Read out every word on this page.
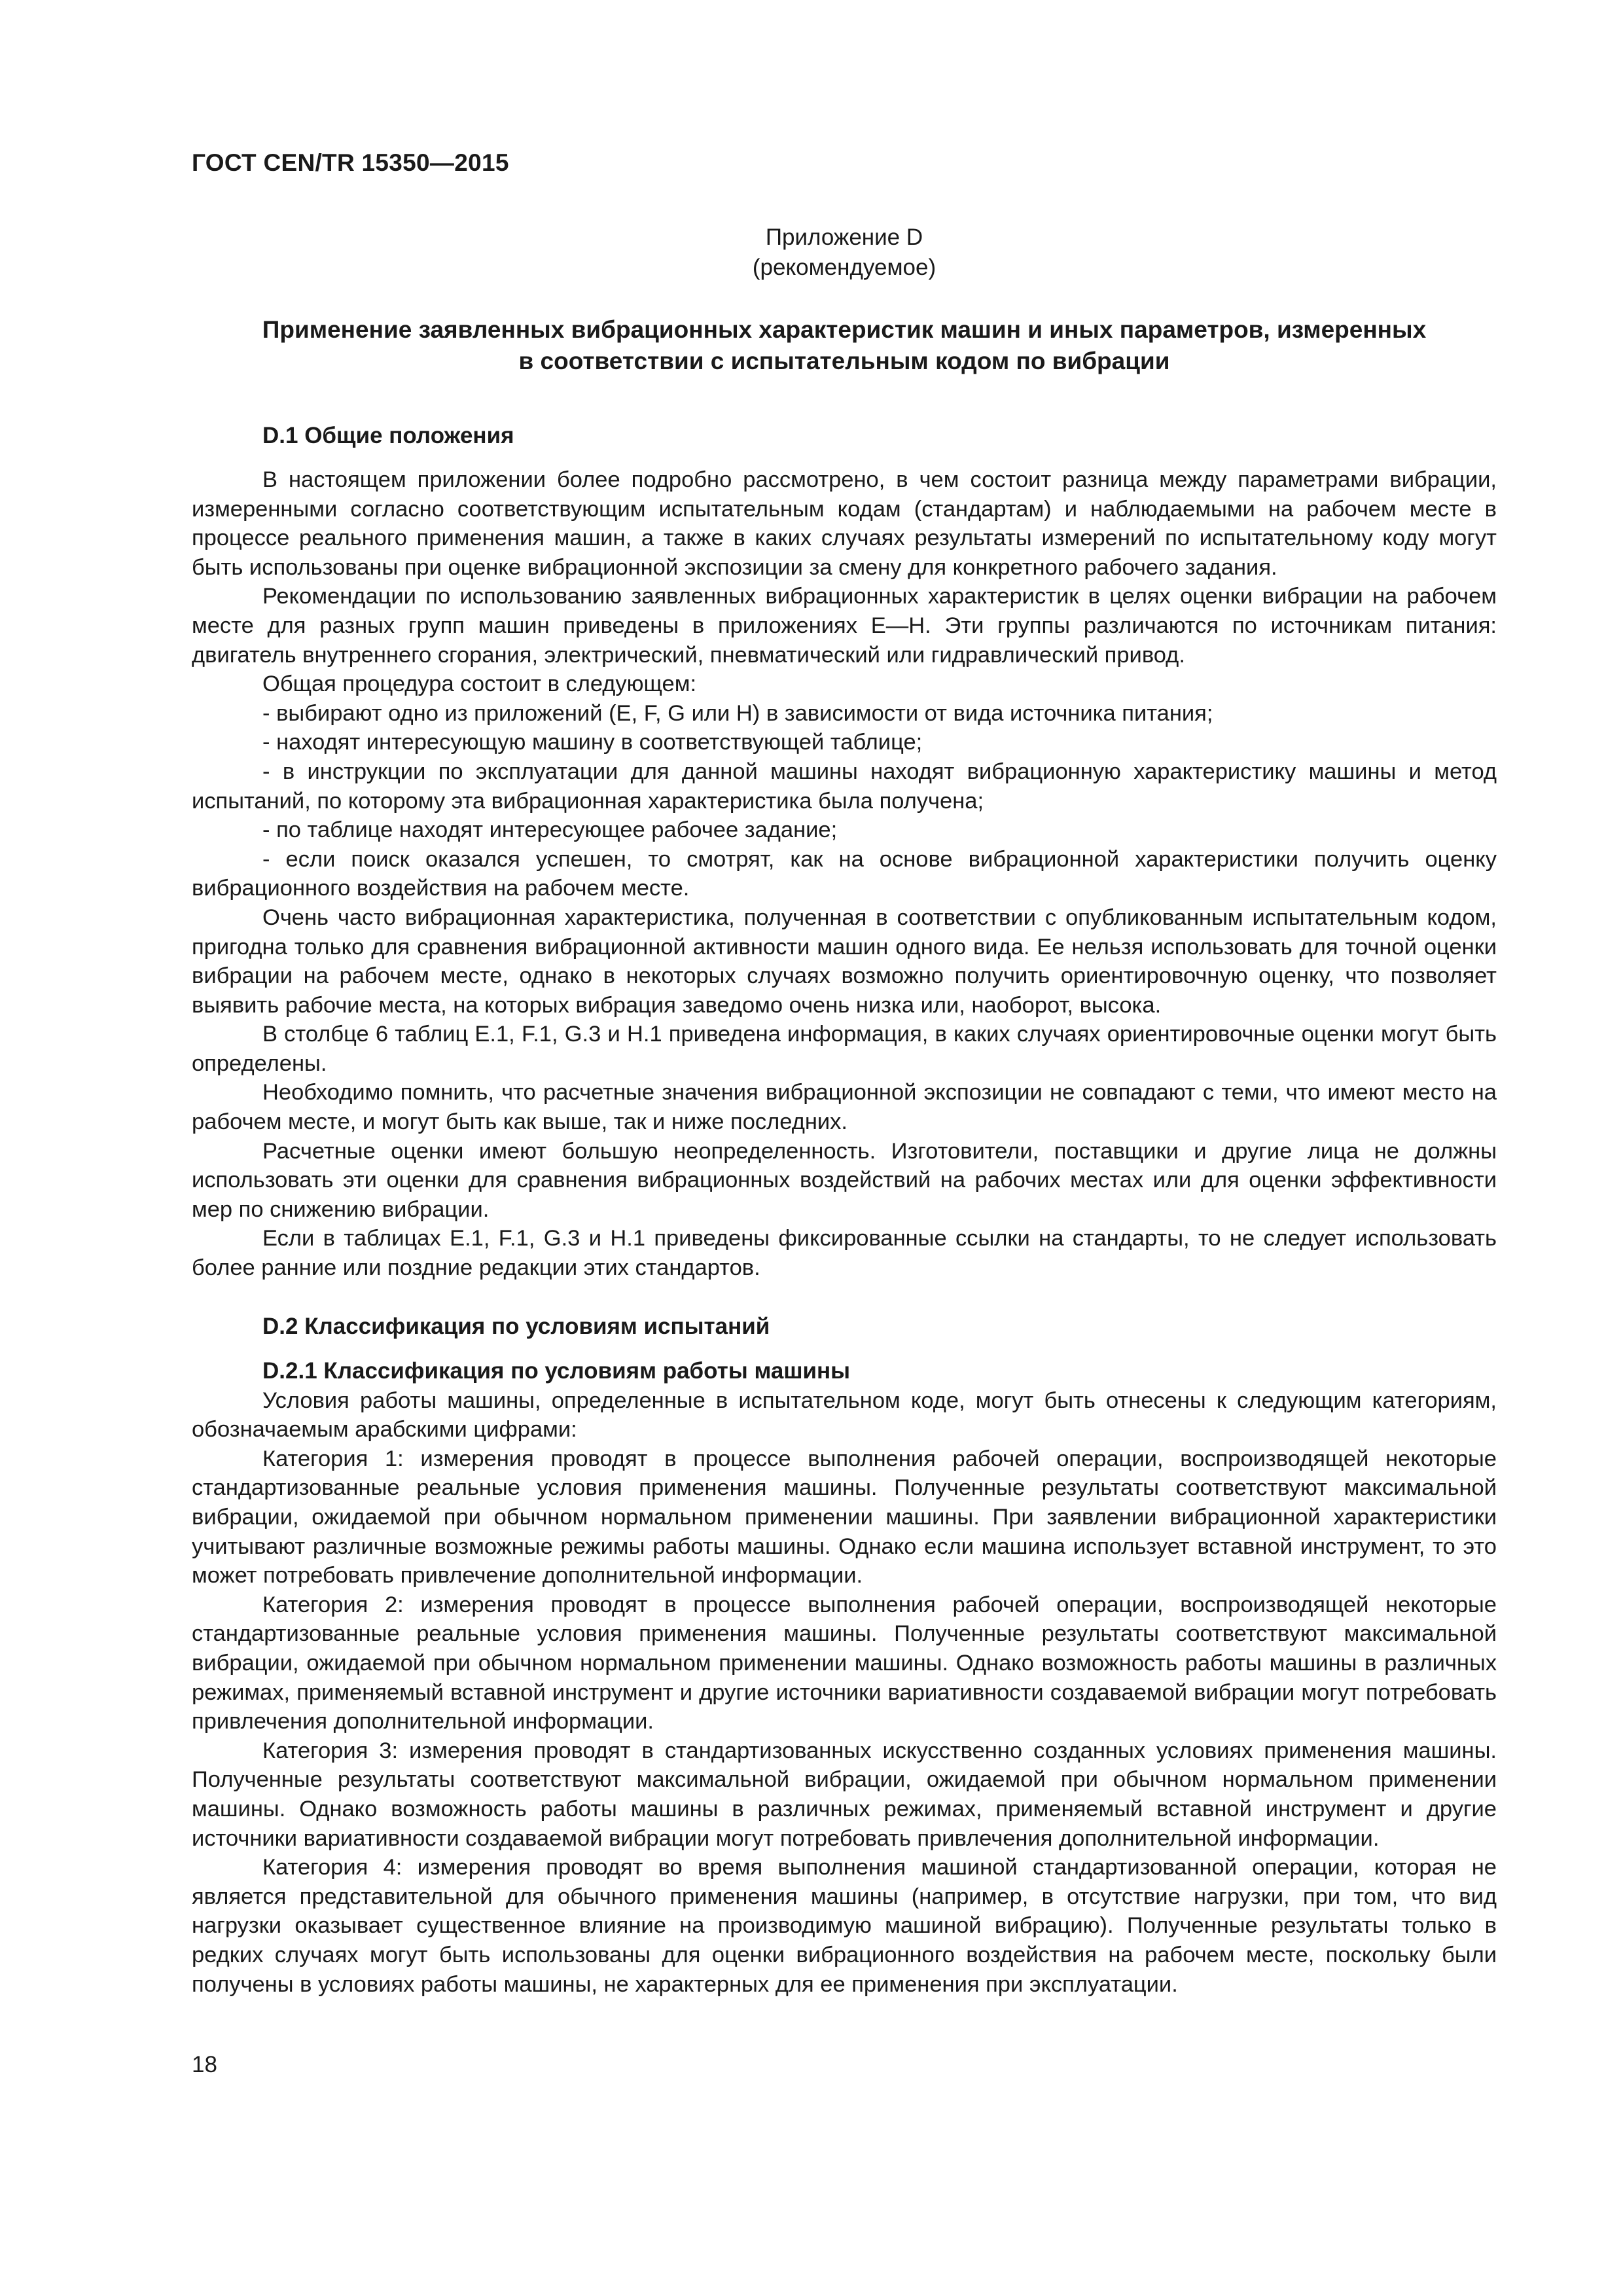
ГОСТ CEN/TR 15350—2015
Приложение D
(рекомендуемое)
Применение заявленных вибрационных характеристик машин и иных параметров, измеренных
в соответствии с испытательным кодом по вибрации
D.1 Общие положения

В настоящем приложении более подробно рассмотрено, в чем состоит разница между параметрами вибрации, измеренными согласно соответствующим испытательным кодам (стандартам) и наблюдаемыми на рабочем месте в процессе реального применения машин, а также в каких случаях результаты измерений по испытательному коду могут быть использованы при оценке вибрационной экспозиции за смену для конкретного рабочего задания.

Рекомендации по использованию заявленных вибрационных характеристик в целях оценки вибрации на рабочем месте для разных групп машин приведены в приложениях E—H. Эти группы различаются по источникам питания: двигатель внутреннего сгорания, электрический, пневматический или гидравлический привод.

Общая процедура состоит в следующем:

- выбирают одно из приложений (E, F, G или H) в зависимости от вида источника питания;

- находят интересующую машину в соответствующей таблице;

- в инструкции по эксплуатации для данной машины находят вибрационную характеристику машины и метод испытаний, по которому эта вибрационная характеристика была получена;

- по таблице находят интересующее рабочее задание;

- если поиск оказался успешен, то смотрят, как на основе вибрационной характеристики получить оценку вибрационного воздействия на рабочем месте.

Очень часто вибрационная характеристика, полученная в соответствии с опубликованным испытательным кодом, пригодна только для сравнения вибрационной активности машин одного вида. Ее нельзя использовать для точной оценки вибрации на рабочем месте, однако в некоторых случаях возможно получить ориентировочную оценку, что позволяет выявить рабочие места, на которых вибрация заведомо очень низка или, наоборот, высока.

В столбце 6 таблиц E.1, F.1, G.3 и H.1 приведена информация, в каких случаях ориентировочные оценки могут быть определены.

Необходимо помнить, что расчетные значения вибрационной экспозиции не совпадают с теми, что имеют место на рабочем месте, и могут быть как выше, так и ниже последних.

Расчетные оценки имеют большую неопределенность. Изготовители, поставщики и другие лица не должны использовать эти оценки для сравнения вибрационных воздействий на рабочих местах или для оценки эффективности мер по снижению вибрации.

Если в таблицах E.1, F.1, G.3 и H.1 приведены фиксированные ссылки на стандарты, то не следует использовать более ранние или поздние редакции этих стандартов.

D.2 Классификация по условиям испытаний
D.2.1 Классификация по условиям работы машины

Условия работы машины, определенные в испытательном коде, могут быть отнесены к следующим категориям, обозначаемым арабскими цифрами:

Категория 1: измерения проводят в процессе выполнения рабочей операции, воспроизводящей некоторые стандартизованные реальные условия применения машины. Полученные результаты соответствуют максимальной вибрации, ожидаемой при обычном нормальном применении машины. При заявлении вибрационной характеристики учитывают различные возможные режимы работы машины. Однако если машина использует вставной инструмент, то это может потребовать привлечение дополнительной информации.

Категория 2: измерения проводят в процессе выполнения рабочей операции, воспроизводящей некоторые стандартизованные реальные условия применения машины. Полученные результаты соответствуют максимальной вибрации, ожидаемой при обычном нормальном применении машины. Однако возможность работы машины в различных режимах, применяемый вставной инструмент и другие источники вариативности создаваемой вибрации могут потребовать привлечения дополнительной информации.

Категория 3: измерения проводят в стандартизованных искусственно созданных условиях применения машины. Полученные результаты соответствуют максимальной вибрации, ожидаемой при обычном нормальном применении машины. Однако возможность работы машины в различных режимах, применяемый вставной инструмент и другие источники вариативности создаваемой вибрации могут потребовать привлечения дополнительной информации.

Категория 4: измерения проводят во время выполнения машиной стандартизованной операции, которая не является представительной для обычного применения машины (например, в отсутствие нагрузки, при том, что вид нагрузки оказывает существенное влияние на производимую машиной вибрацию). Полученные результаты только в редких случаях могут быть использованы для оценки вибрационного воздействия на рабочем месте, поскольку были получены в условиях работы машины, не характерных для ее применения при эксплуатации.

18
